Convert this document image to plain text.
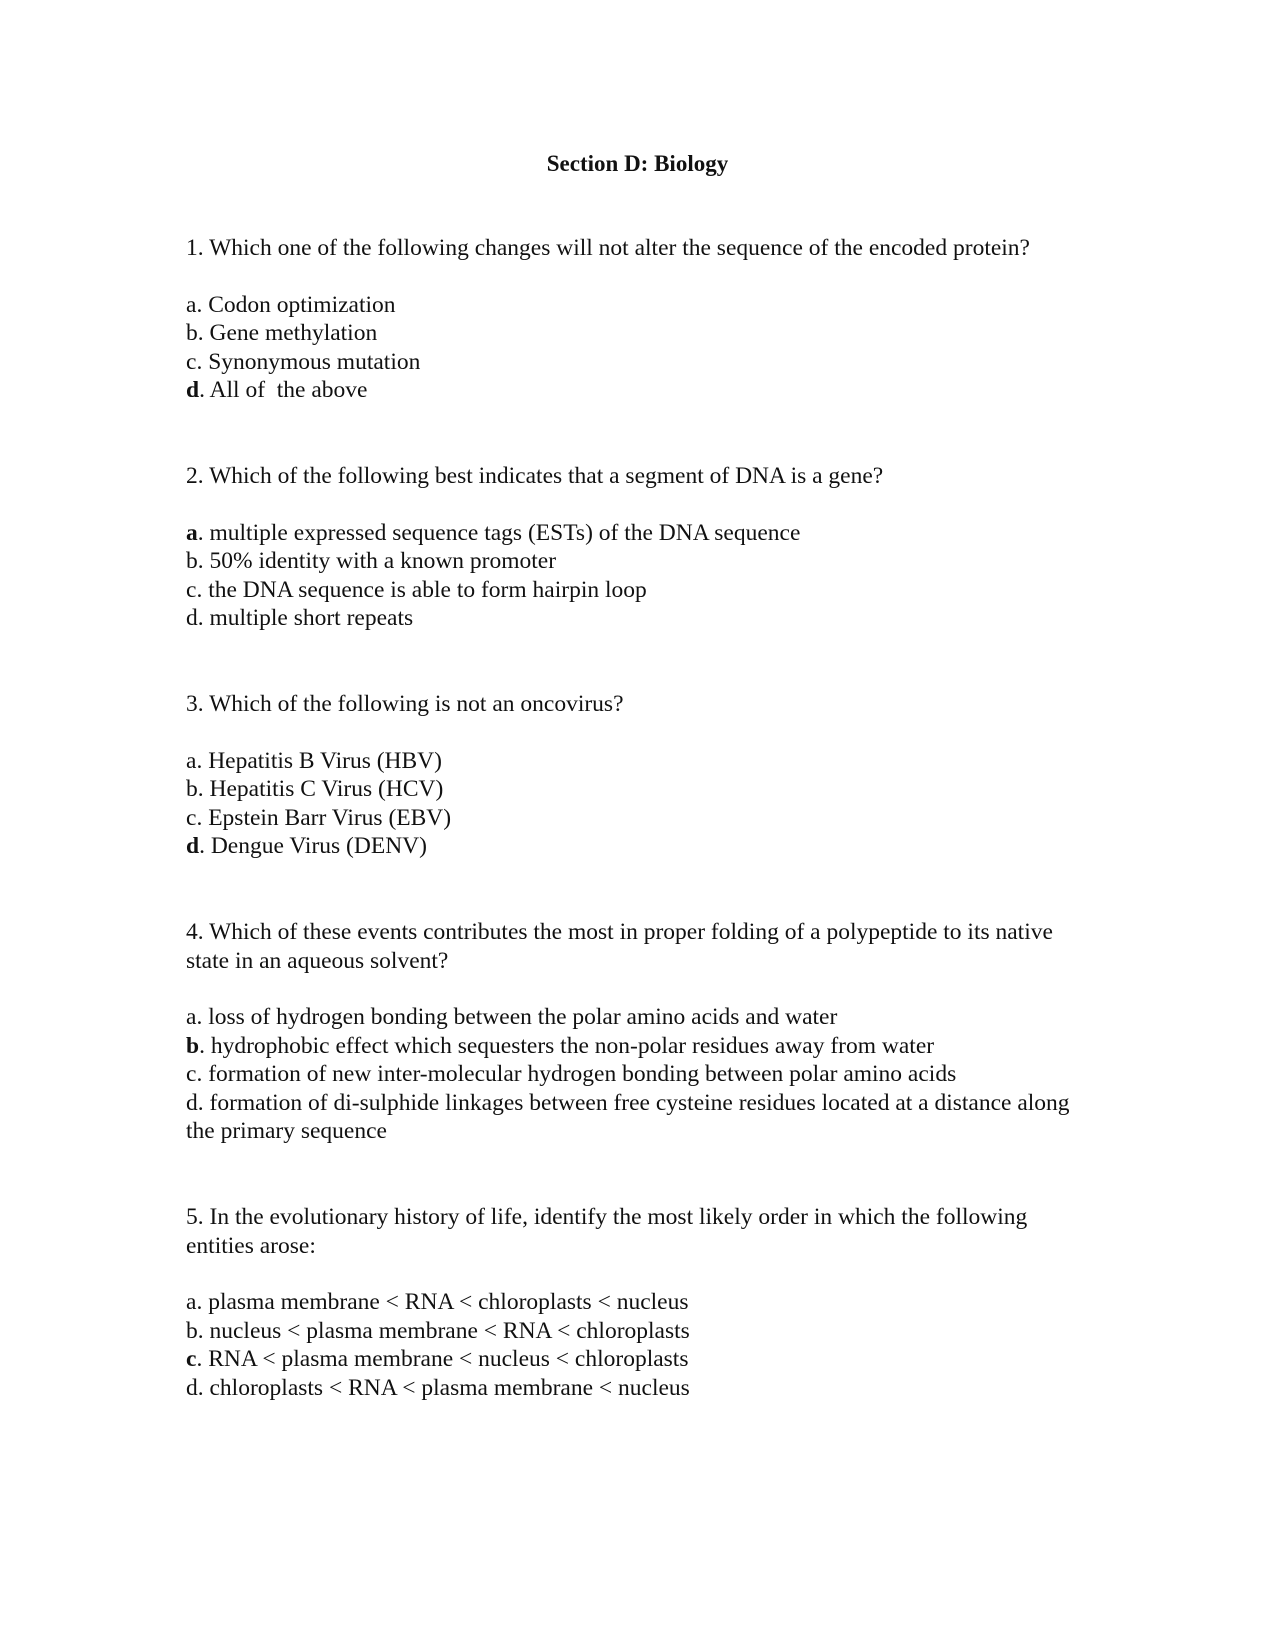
Section D: Biology

1. Which one of the following changes will not alter the sequence of the encoded protein?

a. Codon optimization
b. Gene methylation
c. Synonymous mutation
d. All of  the above

2. Which of the following best indicates that a segment of DNA is a gene?

a. multiple expressed sequence tags (ESTs) of the DNA sequence
b. 50% identity with a known promoter
c. the DNA sequence is able to form hairpin loop
d. multiple short repeats

3. Which of the following is not an oncovirus?

a. Hepatitis B Virus (HBV)
b. Hepatitis C Virus (HCV)
c. Epstein Barr Virus (EBV)
d. Dengue Virus (DENV)

4. Which of these events contributes the most in proper folding of a polypeptide to its native state in an aqueous solvent?

a. loss of hydrogen bonding between the polar amino acids and water
b. hydrophobic effect which sequesters the non-polar residues away from water
c. formation of new inter-molecular hydrogen bonding between polar amino acids
d. formation of di-sulphide linkages between free cysteine residues located at a distance along the primary sequence

5. In the evolutionary history of life, identify the most likely order in which the following entities arose:

a. plasma membrane < RNA < chloroplasts < nucleus
b. nucleus < plasma membrane < RNA < chloroplasts
c. RNA < plasma membrane < nucleus < chloroplasts
d. chloroplasts < RNA < plasma membrane < nucleus
